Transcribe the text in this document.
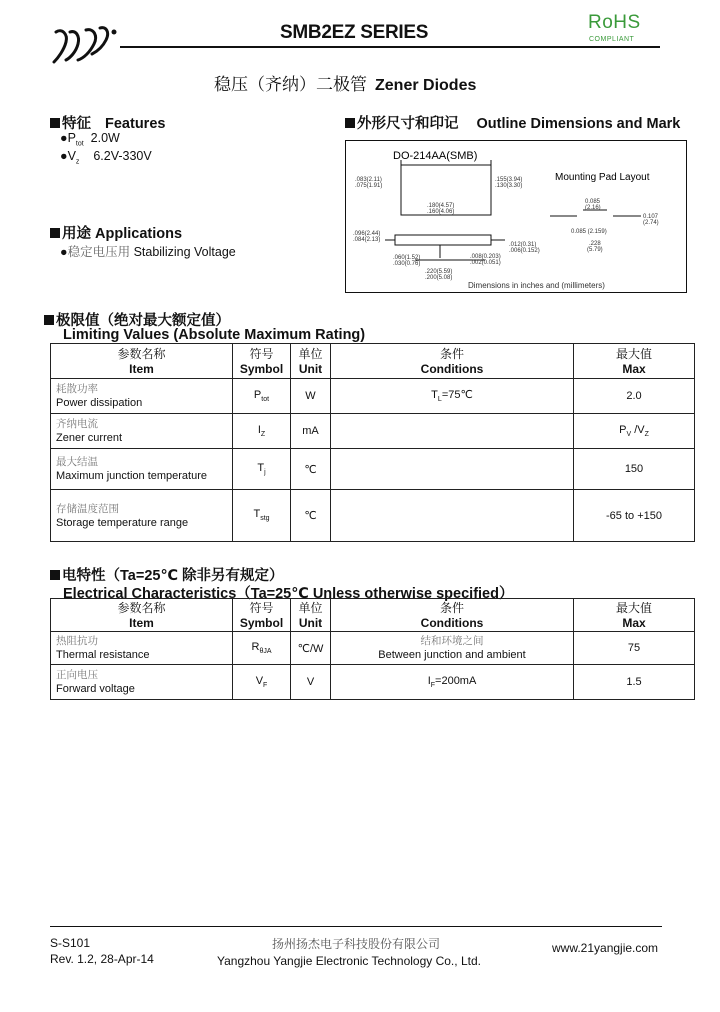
SMB2EZ SERIES	RoHS
COMPLIANT
稳压（齐纳）二极管 Zener Diodes
特征 Features
$●P_{tot}$ 2.0W
$●V_z$ 6.2V-330V
用途 Applications
●稳定电压用 Stabilizing Voltage
外形尺寸和印记 Outline Dimensions and Mark
DO-214AA(SMB)
Mounting Pad Layout
.083(2.11)
.075(1.91)
.155(3.94)
.130(3.30)
.180(4.57)
.160(4.06)
.096(2.44)
.084(2.13)
.012(0.31)
.006(0.152)
.060(1.52)
.030(0.76)
.008(0.203)
.002(0.051)
.220(5.59)
.200(5.08)
0.085
(2.16)
0.107
(2.74)
0.085 (2.159)
.228
(5.79)
Dimensions in inches and (millimeters)
极限值（绝对最大额定值）
Limiting Values (Absolute Maximum Rating)
参数名称
Item	符号
Symbol	单位
Unit	条件
Conditions	最大值
Max

耗散功率
Power dissipation	$P_{tot}$	W	$T_L=75℃$	2.0

齐纳电流
Zener current	$I_Z$	mA		$P_V$ $/V_Z$

最大结温
Maximum junction temperature	$T_j$	℃		150

存储温度范围
Storage temperature range	$T_{stg}$	℃		-65 to +150
电特性（Ta=25℃ 除非另有规定）
Electrical Characteristics（Ta=25℃ Unless otherwise specified）
参数名称
Item	符号
Symbol	单位
Unit	条件
Conditions	最大值
Max

热阻抗功
Thermal resistance	$R_{\theta JA}$	℃/W	结和环境之间
Between junction and ambient	75

正向电压
Forward voltage	$V_F$	V	$I_F=200mA$	1.5
S-S101
Rev. 1.2, 28-Apr-14
扬州扬杰电子科技股份有限公司
Yangzhou Yangjie Electronic Technology Co., Ltd.
www.21yangjie.com
